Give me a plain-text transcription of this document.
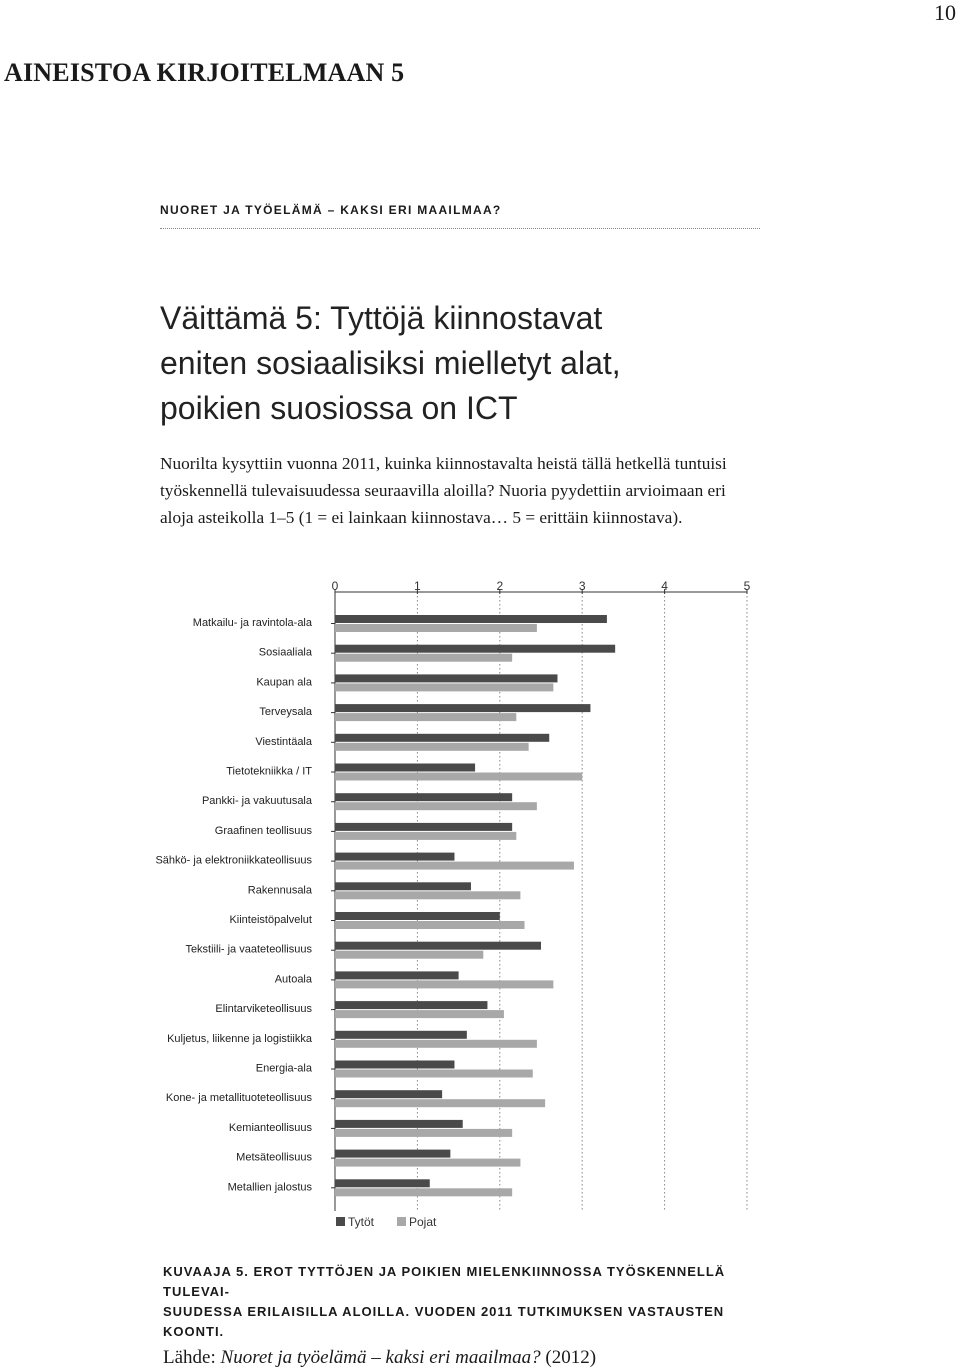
10
AINEISTOA KIRJOITELMAAN 5
NUORET JA TYÖELÄMÄ – KAKSI ERI MAAILMAA?
Väittämä 5: Tyttöjä kiinnostavat
eniten sosiaalisiksi mielletyt alat,
poikien suosiossa on ICT

Nuorilta kysyttiin vuonna 2011, kuinka kiinnostavalta heistä tällä hetkellä tuntuisi työskennellä tulevaisuudessa seuraavilla aloilla? Nuoria pyydettiin arvioimaan eri aloja asteikolla 1–5 (1 = ei lainkaan kiinnostava… 5 = erittäin kiinnostava).

0	1	2	3	4	5
Matkailu- ja ravintola-ala
Sosiaaliala
Kaupan ala
Terveysala
Viestintäala
Tietotekniikka / IT
Pankki- ja vakuutusala
Graafinen teollisuus
Sähkö- ja elektroniikkateollisuus
Rakennusala
Kiinteistöpalvelut
Tekstiili- ja vaateteollisuus
Autoala
Elintarviketeollisuus
Kuljetus, liikenne ja logistiikka
Energia-ala
Kone- ja metallituoteteollisuus
Kemianteollisuus
Metsäteollisuus
Metallien jalostus
Tytöt	Pojat

KUVAAJA 5. EROT TYTTÖJEN JA POIKIEN MIELENKIINNOSSA TYÖSKENNELLÄ TULEVAI-
SUUDESSA ERILAISILLA ALOILLA. VUODEN 2011 TUTKIMUKSEN VASTAUSTEN KOONTI.

Lähde: Nuoret ja työelämä – kaksi eri maailmaa? (2012)
